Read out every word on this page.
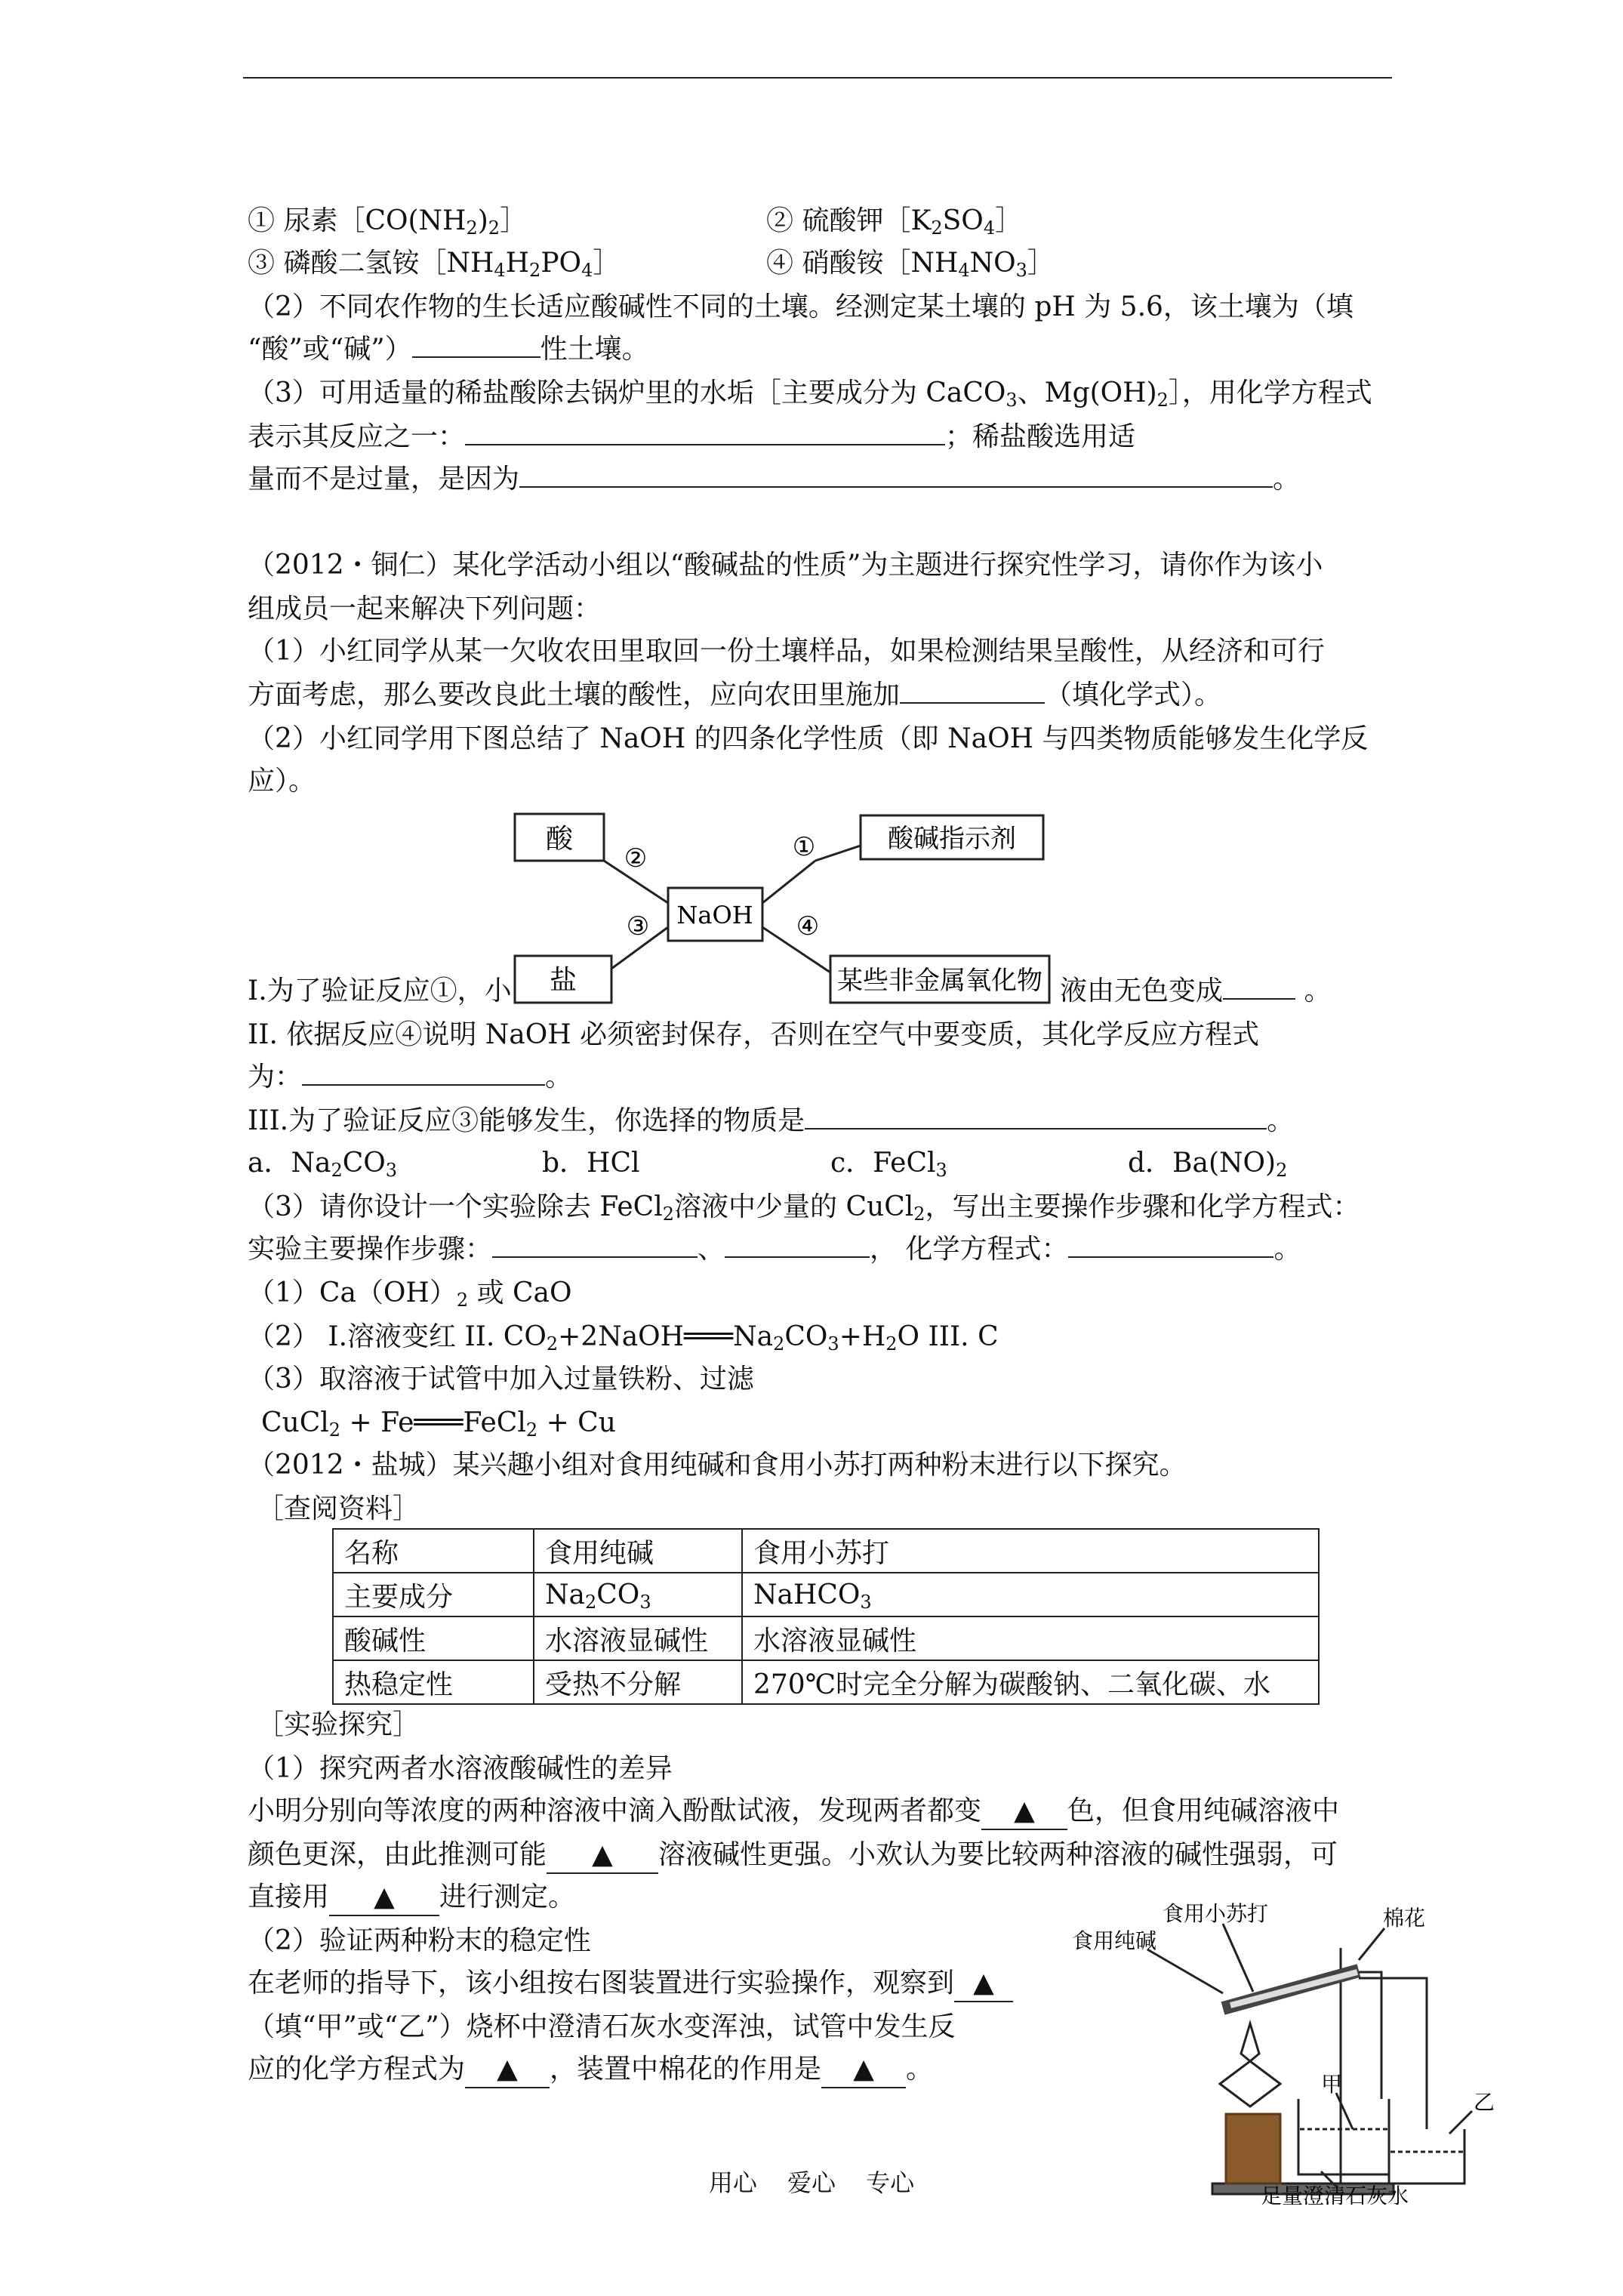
① 尿素$[CO(NH_2)_2]$	② 硫酸钾$[K_2SO_4]$
③ 磷酸二氢铵$[NH_4H_2PO_4]$	④ 硝酸铵$[NH_4NO_3]$
（2）不同农作物的生长适应酸碱性不同的土壤。经测定某土壤的 pH 为 5.6，该土壤为（填
“酸”或“碱”）	性土壤。
（3）可用适量的稀盐酸除去锅炉里的水垢［主要成分为 CaCO$_3$、$Mg(OH)_2]$，用化学方程式
表示其反应之一：	；稀盐酸选用适
量而不是过量，是因为	。
（2012・铜仁）某化学活动小组以“酸碱盐的性质”为主题进行探究性学习，请你作为该小
组成员一起来解决下列问题：
（1）小红同学从某一欠收农田里取回一份土壤样品，如果检测结果呈酸性，从经济和可行
方面考虑，那么要改良此土壤的酸性，应向农田里施加	（填化学式）。
（2）小红同学用下图总结了 NaOH 的四条化学性质（即 NaOH 与四类物质能够发生化学反
应）。
酸
NaOH
酸碱指示剂
盐	某些非金属氧化物
②	①
③	④
I.为了验证反应①，小	液由无色变成	。
II. 依据反应④说明 NaOH 必须密封保存，否则在空气中要变质，其化学反应方程式
为：	。
III.为了验证反应③能够发生，你选择的物质是	。
a．$Na_2CO_3$	b．HCl	c．FeCl$_3$	d．$Ba(NO)_2$
（3）请你设计一个实验除去 FeCl$_2$溶液中少量的 CuCl$_2$，写出主要操作步骤和化学方程式：
实验主要操作步骤：	、	， 化学方程式：	。
$(1)Ca(OH)_2$ 或 CaO
（2） I.溶液变红 II. $CO_2+2NaOH═══Na_2CO_3+H_2O$ III. C
（3）取溶液于试管中加入过量铁粉、过滤
CuCl$_2$ + Fe═══FeCl$_2$ + Cu
（2012・盐城）某兴趣小组对食用纯碱和食用小苏打两种粉末进行以下探究。
［查阅资料］
名称	食用纯碱	食用小苏打
主要成分	$Na_2CO_3$	NaHCO$_3$
酸碱性	水溶液显碱性	水溶液显碱性
热稳定性	受热不分解	270℃时完全分解为碳酸钠、二氧化碳、水
［实验探究］
（1）探究两者水溶液酸碱性的差异
小明分别向等浓度的两种溶液中滴入酚酞试液，发现两者都变 ▲ 色，但食用纯碱溶液中
颜色更深，由此推测可能 ▲ 溶液碱性更强。小欢认为要比较两种溶液的碱性强弱，可
直接用 ▲ 进行测定。
（2）验证两种粉末的稳定性
在老师的指导下，该小组按右图装置进行实验操作，观察到 ▲
（填“甲”或“乙”）烧杯中澄清石灰水变浑浊，试管中发生反
应的化学方程式为 ▲ ，装置中棉花的作用是 ▲ 。
食用小苏打	棉花
食用纯碱
甲
乙
足量澄清石灰水
用心 爱心 专心
